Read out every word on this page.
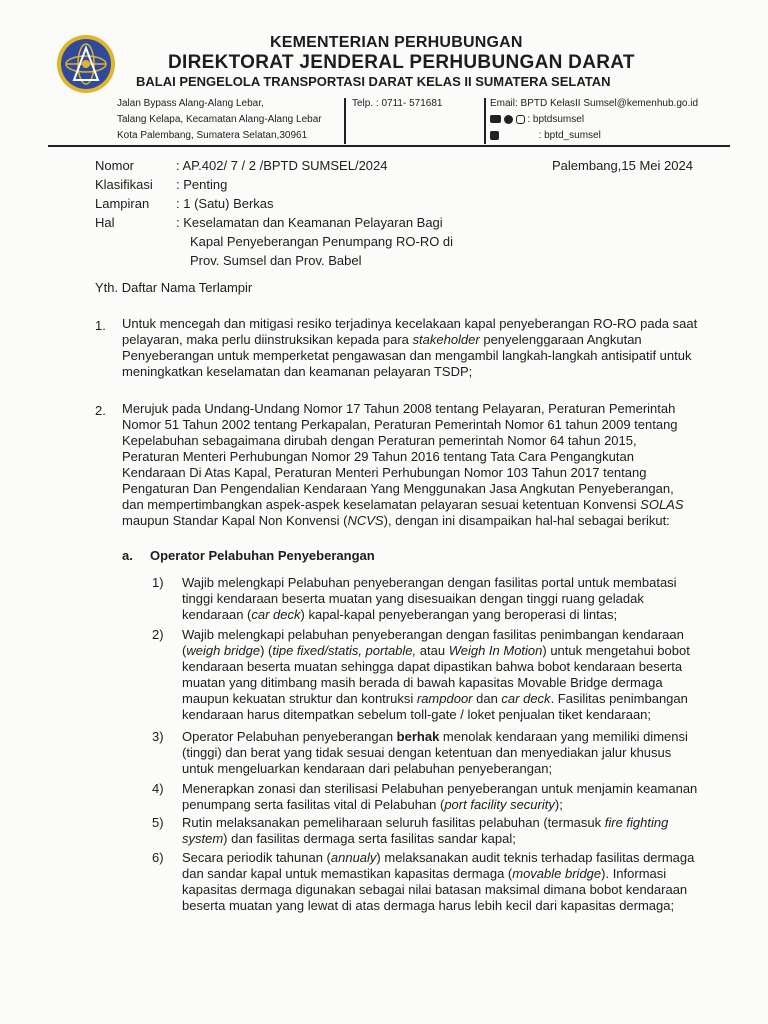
KEMENTERIAN PERHUBUNGAN
DIREKTORAT JENDERAL PERHUBUNGAN DARAT
BALAI PENGELOLA TRANSPORTASI DARAT KELAS II SUMATERA SELATAN
Jalan Bypass Alang-Alang Lebar,
Talang Kelapa, Kecamatan Alang-Alang Lebar
Kota Palembang, Sumatera Selatan,30961
Telp. : 0711- 571681	Email: BPTD KelasII Sumsel@kemenhub.go.id
: bptdsumsel
: bptd_sumsel
Nomor
Klasifikasi
Lampiran
Hal
: AP.402/ 7 / 2 /BPTD SUMSEL/2024
: Penting
: 1 (Satu) Berkas
: Keselamatan dan Keamanan Pelayaran Bagi
Kapal Penyeberangan Penumpang RO-RO di
Prov. Sumsel dan Prov. Babel
Palembang,15 Mei 2024
Yth. Daftar Nama Terlampir
1. Untuk mencegah dan mitigasi resiko terjadinya kecelakaan kapal penyeberangan RO-RO pada saat
pelayaran, maka perlu diinstruksikan kepada para stakeholder penyelenggaraan Angkutan
Penyeberangan untuk memperketat pengawasan dan mengambil langkah-langkah antisipatif untuk
meningkatkan keselamatan dan keamanan pelayaran TSDP;
2. Merujuk pada Undang-Undang Nomor 17 Tahun 2008 tentang Pelayaran, Peraturan Pemerintah
Nomor 51 Tahun 2002 tentang Perkapalan, Peraturan Pemerintah Nomor 61 tahun 2009 tentang
Kepelabuhan sebagaimana dirubah dengan Peraturan pemerintah Nomor 64 tahun 2015,
Peraturan Menteri Perhubungan Nomor 29 Tahun 2016 tentang Tata Cara Pengangkutan
Kendaraan Di Atas Kapal, Peraturan Menteri Perhubungan Nomor 103 Tahun 2017 tentang
Pengaturan Dan Pengendalian Kendaraan Yang Menggunakan Jasa Angkutan Penyeberangan,
dan mempertimbangkan aspek-aspek keselamatan pelayaran sesuai ketentuan Konvensi SOLAS
maupun Standar Kapal Non Konvensi (NCVS), dengan ini disampaikan hal-hal sebagai berikut:
a. Operator Pelabuhan Penyeberangan
1) Wajib melengkapi Pelabuhan penyeberangan dengan fasilitas portal untuk membatasi
tinggi kendaraan beserta muatan yang disesuaikan dengan tinggi ruang geladak
kendaraan (car deck) kapal-kapal penyeberangan yang beroperasi di lintas;
2) Wajib melengkapi pelabuhan penyeberangan dengan fasilitas penimbangan kendaraan
(weigh bridge) (tipe fixed/statis, portable, atau Weigh In Motion) untuk mengetahui bobot
kendaraan beserta muatan sehingga dapat dipastikan bahwa bobot kendaraan beserta
muatan yang ditimbang masih berada di bawah kapasitas Movable Bridge dermaga
maupun kekuatan struktur dan kontruksi rampdoor dan car deck. Fasilitas penimbangan
kendaraan harus ditempatkan sebelum toll-gate / loket penjualan tiket kendaraan;
3) Operator Pelabuhan penyeberangan berhak menolak kendaraan yang memiliki dimensi
(tinggi) dan berat yang tidak sesuai dengan ketentuan dan menyediakan jalur khusus
untuk mengeluarkan kendaraan dari pelabuhan penyeberangan;
4) Menerapkan zonasi dan sterilisasi Pelabuhan penyeberangan untuk menjamin keamanan
penumpang serta fasilitas vital di Pelabuhan (port facility security);
5) Rutin melaksanakan pemeliharaan seluruh fasilitas pelabuhan (termasuk fire fighting
system) dan fasilitas dermaga serta fasilitas sandar kapal;
6) Secara periodik tahunan (annualy) melaksanakan audit teknis terhadap fasilitas dermaga
dan sandar kapal untuk memastikan kapasitas dermaga (movable bridge). Informasi
kapasitas dermaga digunakan sebagai nilai batasan maksimal dimana bobot kendaraan
beserta muatan yang lewat di atas dermaga harus lebih kecil dari kapasitas dermaga;
